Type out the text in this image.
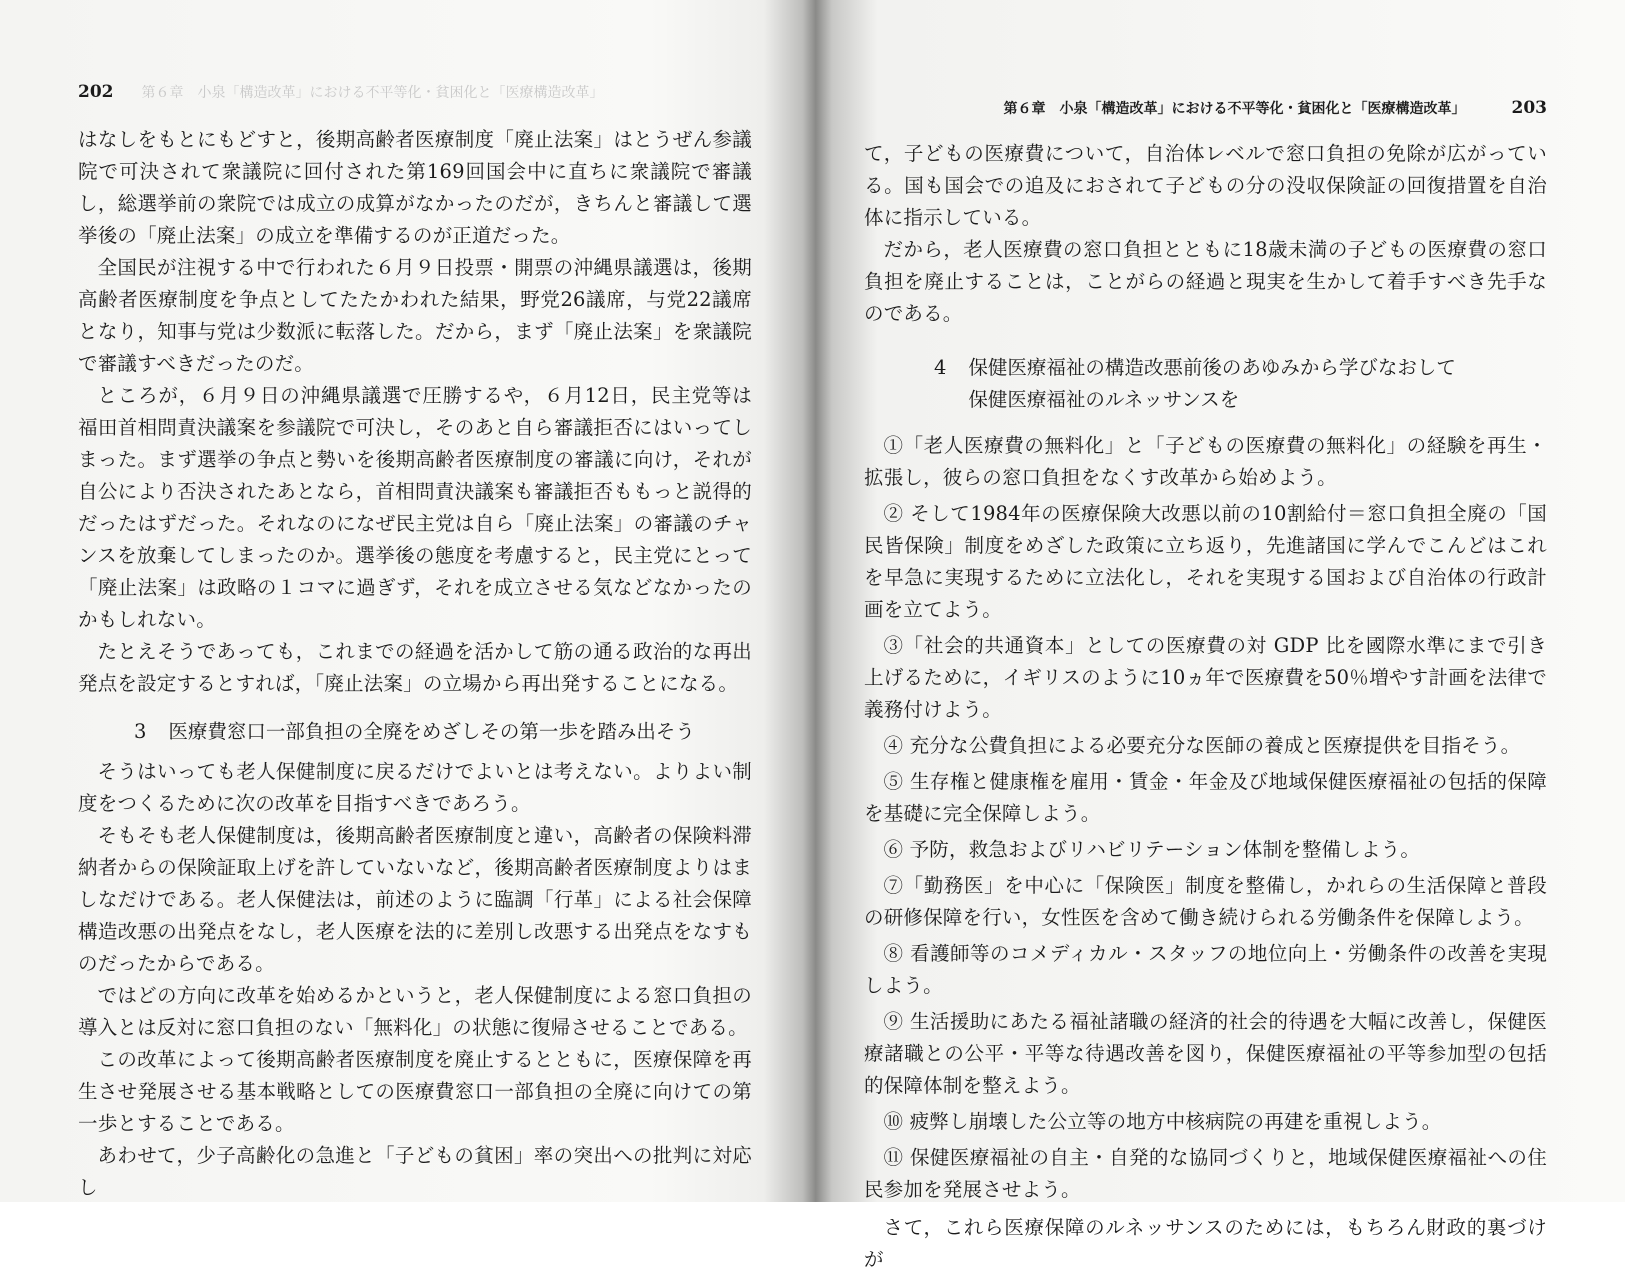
202 第６章　小泉「構造改革」における不平等化・貧困化と「医療構造改革」

はなしをもとにもどすと，後期高齢者医療制度「廃止法案」はとうぜん参議院で可決されて衆議院に回付された第169回国会中に直ちに衆議院で審議し，総選挙前の衆院では成立の成算がなかったのだが，きちんと審議して選挙後の「廃止法案」の成立を準備するのが正道だった。

全国民が注視する中で行われた６月９日投票・開票の沖縄県議選は，後期高齢者医療制度を争点としてたたかわれた結果，野党26議席，与党22議席となり，知事与党は少数派に転落した。だから，まず「廃止法案」を衆議院で審議すべきだったのだ。

ところが，６月９日の沖縄県議選で圧勝するや，６月12日，民主党等は福田首相問責決議案を参議院で可決し，そのあと自ら審議拒否にはいってしまった。まず選挙の争点と勢いを後期高齢者医療制度の審議に向け，それが自公により否決されたあとなら，首相問責決議案も審議拒否ももっと説得的だったはずだった。それなのになぜ民主党は自ら「廃止法案」の審議のチャンスを放棄してしまったのか。選挙後の態度を考慮すると，民主党にとって「廃止法案」は政略の１コマに過ぎず，それを成立させる気などなかったのかもしれない。

たとえそうであっても，これまでの経過を活かして筋の通る政治的な再出発点を設定するとすれば，「廃止法案」の立場から再出発することになる。

3 医療費窓口一部負担の全廃をめざしその第一歩を踏み出そう

そうはいっても老人保健制度に戻るだけでよいとは考えない。よりよい制度をつくるために次の改革を目指すべきであろう。

そもそも老人保健制度は，後期高齢者医療制度と違い，高齢者の保険料滞納者からの保険証取上げを許していないなど，後期高齢者医療制度よりはましなだけである。老人保健法は，前述のように臨調「行革」による社会保障構造改悪の出発点をなし，老人医療を法的に差別し改悪する出発点をなすものだったからである。

ではどの方向に改革を始めるかというと，老人保健制度による窓口負担の導入とは反対に窓口負担のない「無料化」の状態に復帰させることである。

この改革によって後期高齢者医療制度を廃止するとともに，医療保障を再生させ発展させる基本戦略としての医療費窓口一部負担の全廃に向けての第一歩とすることである。

あわせて，少子高齢化の急進と「子どもの貧困」率の突出への批判に対応し

第６章　小泉「構造改革」における不平等化・貧困化と「医療構造改革」	203

て，子どもの医療費について，自治体レベルで窓口負担の免除が広がっている。国も国会での追及におされて子どもの分の没収保険証の回復措置を自治体に指示している。

だから，老人医療費の窓口負担とともに18歳未満の子どもの医療費の窓口負担を廃止することは，ことがらの経過と現実を生かして着手すべき先手なのである。

4 保健医療福祉の構造改悪前後のあゆみから学びなおして
保健医療福祉のルネッサンスを
①「老人医療費の無料化」と「子どもの医療費の無料化」の経験を再生・拡張し，彼らの窓口負担をなくす改革から始めよう。
② そして1984年の医療保険大改悪以前の10割給付＝窓口負担全廃の「国民皆保険」制度をめざした政策に立ち返り，先進諸国に学んでこんどはこれを早急に実現するために立法化し，それを実現する国および自治体の行政計画を立てよう。
③「社会的共通資本」としての医療費の対 GDP 比を國際水準にまで引き上げるために，イギリスのように10ヵ年で医療費を50％増やす計画を法律で義務付けよう。
④ 充分な公費負担による必要充分な医師の養成と医療提供を目指そう。
⑤ 生存権と健康権を雇用・賃金・年金及び地域保健医療福祉の包括的保障を基礎に完全保障しよう。
⑥ 予防，救急およびリハビリテーション体制を整備しよう。
⑦「勤務医」を中心に「保険医」制度を整備し，かれらの生活保障と普段の研修保障を行い，女性医を含めて働き続けられる労働条件を保障しよう。
⑧ 看護師等のコメディカル・スタッフの地位向上・労働条件の改善を実現しよう。
⑨ 生活援助にあたる福祉諸職の経済的社会的待遇を大幅に改善し，保健医療諸職との公平・平等な待遇改善を図り，保健医療福祉の平等参加型の包括的保障体制を整えよう。
⑩ 疲弊し崩壊した公立等の地方中核病院の再建を重視しよう。
⑪ 保健医療福祉の自主・自発的な協同づくりと，地域保健医療福祉への住民参加を発展させよう。

さて，これら医療保障のルネッサンスのためには，もちろん財政的裏づけが
